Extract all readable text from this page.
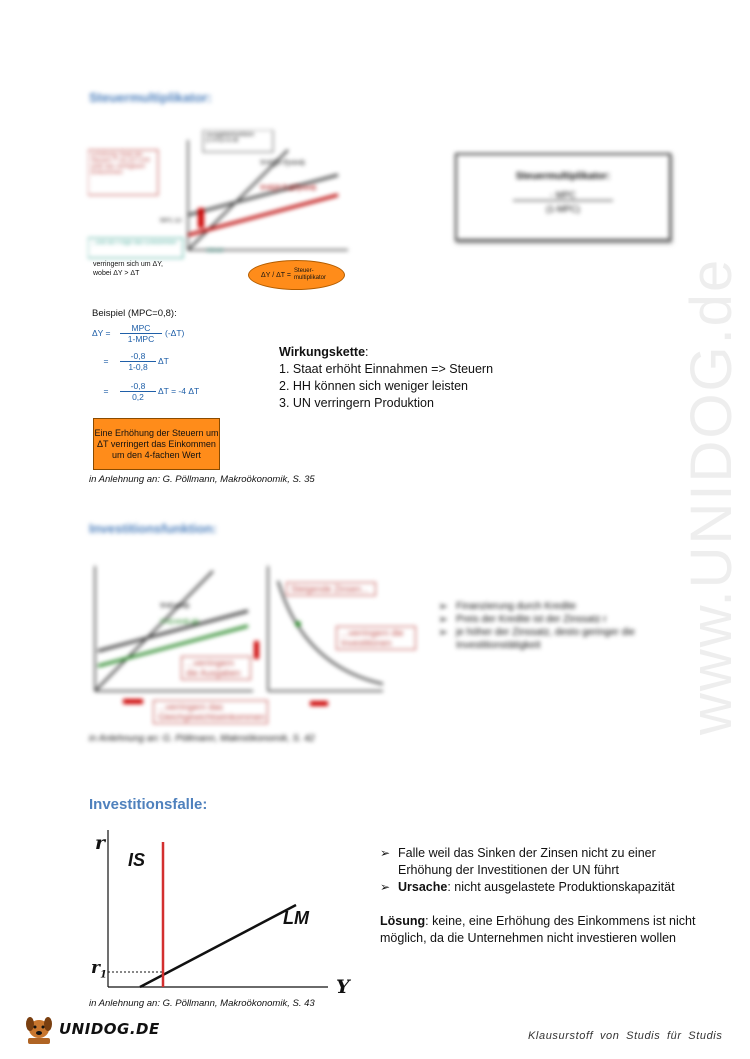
www.UNIDOG.de
Steuermultiplikator:
Ausgabenfunktion C+I+G+X-M
Erhöhung Staat die Steuern T um ΔT=100 sinkt das verfügbare Einkommen
Y=C(Y-T)+I+G
Y=C(Y-T-ΔT)+I+G
MPC·ΔT
...und als Folge das Einkommen
Steuer
verringern sich um ΔY, wobei ΔY > ΔT	ΔY / ΔT =
Steuer-multiplikator
Steuermultiplikator:
- MPC
(1-MPC)
Beispiel (MPC=0,8):
ΔY =
MPC
1-MPC
(-ΔT)
=	$\frac{-0,8}{1-0,8}$ ΔT
=	$\frac{-0,8}{0,2}$ ΔT = -4 ΔT
Eine Erhöhung der Steuern um ΔT verringert das Einkommen um den 4-fachen Wert
Wirkungskette:
1. Staat erhöht Einnahmen => Steuern
2. HH können sich weniger leisten
3. UN verringern Produktion
in Anlehnung an: G. Pöllmann, Makroökonomik, S. 35
Investitionsfunktion:
...verringern die Ausgaben
...verringern das Gleichgewichtseinkommen
Steigende Zinsen...
...verringern die Investitionen
Y=C+I+G
Y=C+I+G-ΔI
➢ Finanzierung durch Kredite
➢ Preis der Kredite ist der Zinssatz r
➢ je höher der Zinssatz, desto geringer die Investitionstätigkeit
in Anlehnung an: G. Pöllmann, Makroökonomik, S. 42
Investitionsfalle:
r
IS
LM
$r_1$
Y
➢ Falle weil das Sinken der Zinsen nicht zu einer Erhöhung der Investitionen der UN führt
➢ Ursache: nicht ausgelastete Produktionskapazität
Lösung: keine, eine Erhöhung des Einkommens ist nicht möglich, da die Unternehmen nicht investieren wollen
in Anlehnung an: G. Pöllmann, Makroökonomik, S. 43
UNIDOG.DE	Klausurstoff von Studis für Studis
